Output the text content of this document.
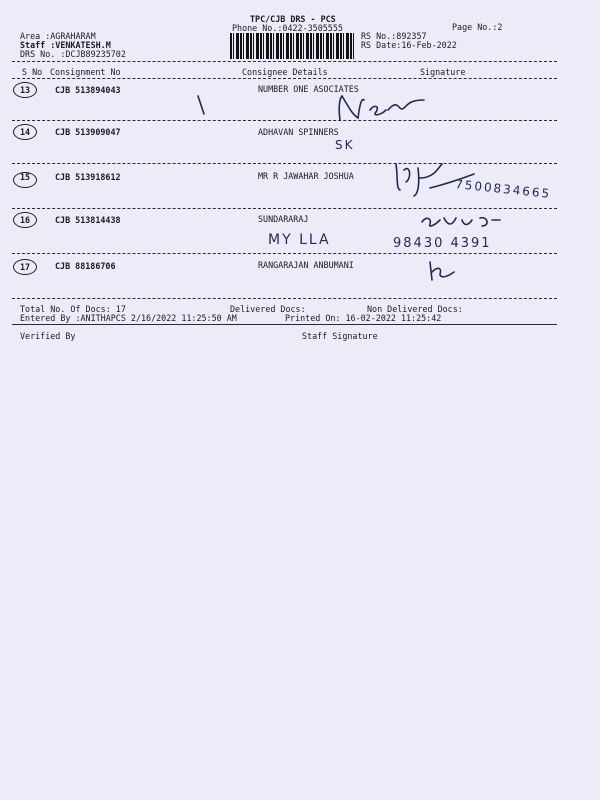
TPC/CJB DRS - PCS
Phone No.:0422-3505555
Area :AGRAHARAM
Staff :VENKATESH.M
DRS No. :DCJB89235702
RS No.:892357
RS Date:16-Feb-2022
Page No.:2
S No Consignment No	Consignee Details	Signature
13	CJB 513894043	NUMBER ONE ASOCIATES
14	CJB 513909047	ADHAVAN SPINNERS
SK
15	CJB 513918612	MR R JAWAHAR JOSHUA
7500834665
16	CJB 513814438	SUNDARARAJ
MY LLA	98430 4391
17	CJB 88186706	RANGARAJAN ANBUMANI
Total No. Of Docs: 17	Delivered Docs:	Non Delivered Docs:
Entered By :ANITHAPCS 2/16/2022 11:25:50 AM	Printed On: 16-02-2022 11:25:42
Verified By	Staff Signature
